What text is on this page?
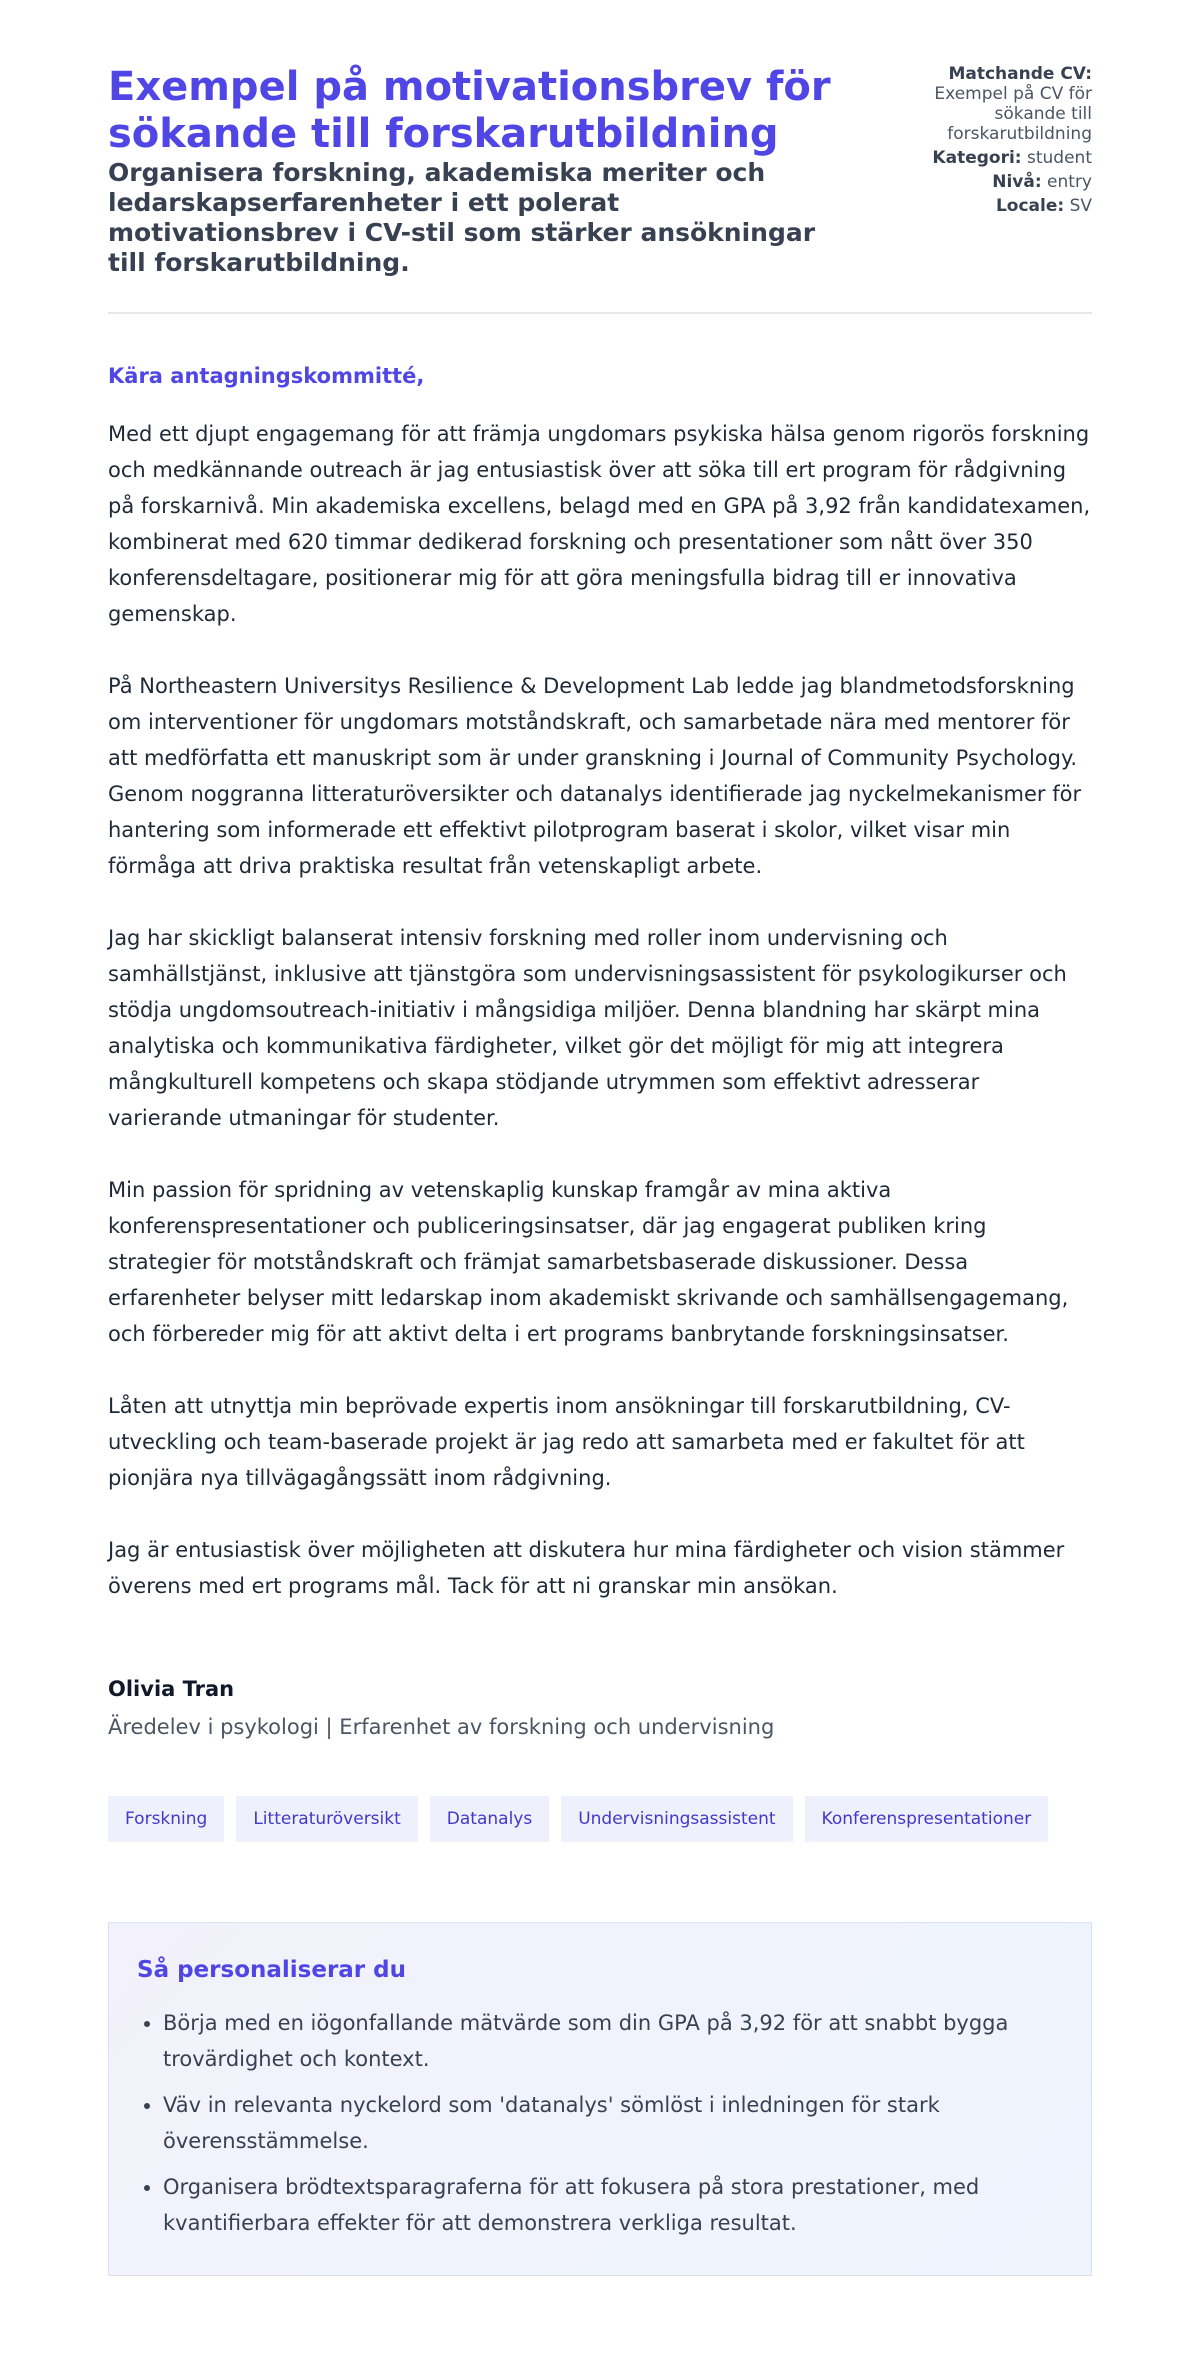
Exempel på motivationsbrev för sökande till forskarutbildning
Organisera forskning, akademiska meriter och ledarskapserfarenheter i ett polerat motivationsbrev i CV-stil som stärker ansökningar till forskarutbildning.
Matchande CV:
Exempel på CV för sökande till forskarutbildning
Kategori: student
Nivå: entry
Locale: SV

Kära antagningskommitté,

Med ett djupt engagemang för att främja ungdomars psykiska hälsa genom rigorös forskning och medkännande outreach är jag entusiastisk över att söka till ert program för rådgivning på forskarnivå. Min akademiska excellens, belagd med en GPA på 3,92 från kandidatexamen, kombinerat med 620 timmar dedikerad forskning och presentationer som nått över 350 konferensdeltagare, positionerar mig för att göra meningsfulla bidrag till er innovativa gemenskap.

På Northeastern Universitys Resilience & Development Lab ledde jag blandmetodsforskning om interventioner för ungdomars motståndskraft, och samarbetade nära med mentorer för att medförfatta ett manuskript som är under granskning i Journal of Community Psychology. Genom noggranna litteraturöversikter och datanalys identifierade jag nyckelmekanismer för hantering som informerade ett effektivt pilotprogram baserat i skolor, vilket visar min förmåga att driva praktiska resultat från vetenskapligt arbete.

Jag har skickligt balanserat intensiv forskning med roller inom undervisning och samhällstjänst, inklusive att tjänstgöra som undervisningsassistent för psykologikurser och stödja ungdomsoutreach-initiativ i mångsidiga miljöer. Denna blandning har skärpt mina analytiska och kommunikativa färdigheter, vilket gör det möjligt för mig att integrera mångkulturell kompetens och skapa stödjande utrymmen som effektivt adresserar varierande utmaningar för studenter.

Min passion för spridning av vetenskaplig kunskap framgår av mina aktiva konferenspresentationer och publiceringsinsatser, där jag engagerat publiken kring strategier för motståndskraft och främjat samarbetsbaserade diskussioner. Dessa erfarenheter belyser mitt ledarskap inom akademiskt skrivande och samhällsengagemang, och förbereder mig för att aktivt delta i ert programs banbrytande forskningsinsatser.

Låten att utnyttja min beprövade expertis inom ansökningar till forskarutbildning, CV-utveckling och team-baserade projekt är jag redo att samarbeta med er fakultet för att pionjära nya tillvägagångssätt inom rådgivning.

Jag är entusiastisk över möjligheten att diskutera hur mina färdigheter och vision stämmer överens med ert programs mål. Tack för att ni granskar min ansökan.

Olivia Tran

Äredelev i psykologi | Erfarenhet av forskning och undervisning

Forskning	Litteraturöversikt	Datanalys	Undervisningsassistent	Konferenspresentationer
Så personaliserar du
• Börja med en iögonfallande mätvärde som din GPA på 3,92 för att snabbt bygga trovärdighet och kontext.
• Väv in relevanta nyckelord som 'datanalys' sömlöst i inledningen för stark överensstämmelse.
• Organisera brödtextsparagraferna för att fokusera på stora prestationer, med kvantifierbara effekter för att demonstrera verkliga resultat.
